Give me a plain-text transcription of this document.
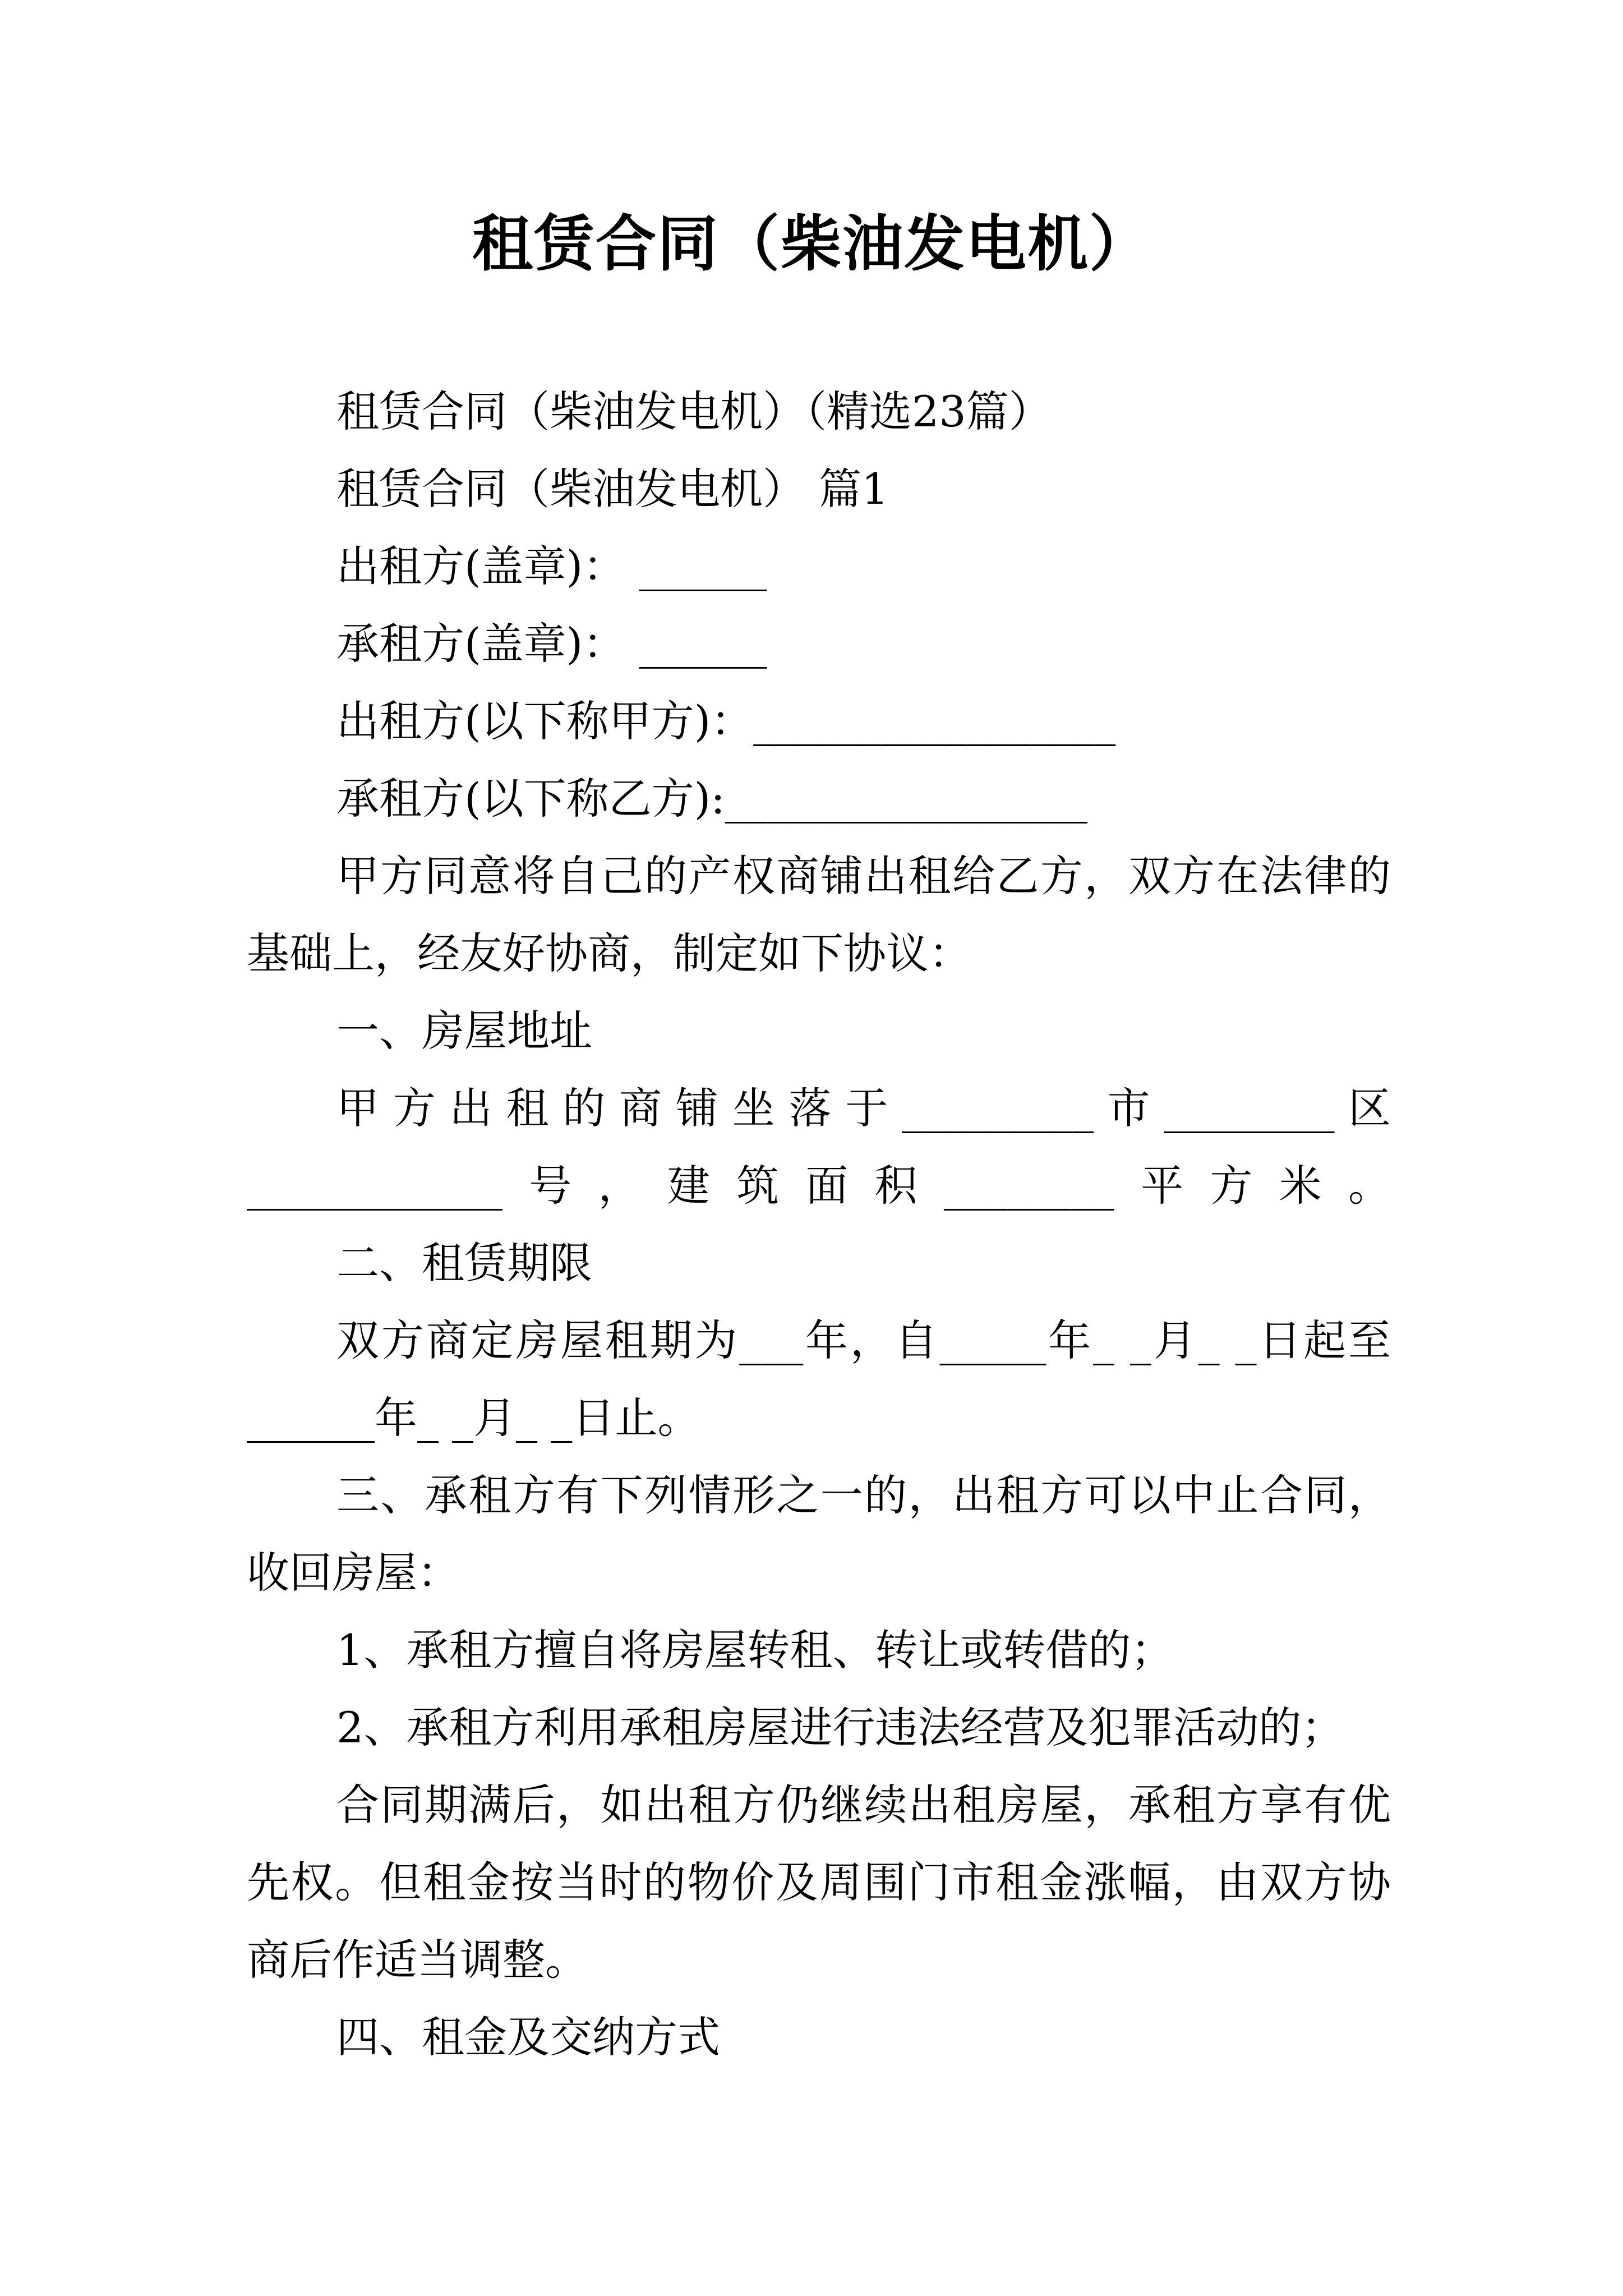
租赁合同（柴油发电机）

租赁合同（柴油发电机）（精选23篇）

租赁合同（柴油发电机） 篇1

出租方(盖章)： ______

承租方(盖章)： ______

出租方(以下称甲方)：_________________

承租方(以下称乙方):_________________

甲方同意将自己的产权商铺出租给乙方，双方在法律的基础上，经友好协商，制定如下协议：

一、房屋地址

甲 方 出 租 的 商 铺 坐 落 于 _________ 市 ________ 区 ____________号，建筑面积________平方米。

二、租赁期限

双方商定房屋租期为___年，自_____年_ _月_ _日起至______年_ _月_ _日止。

三、承租方有下列情形之一的，出租方可以中止合同，收回房屋：

1、承租方擅自将房屋转租、转让或转借的；

2、承租方利用承租房屋进行违法经营及犯罪活动的；

合同期满后，如出租方仍继续出租房屋，承租方享有优先权。但租金按当时的物价及周围门市租金涨幅，由双方协商后作适当调整。

四、租金及交纳方式
